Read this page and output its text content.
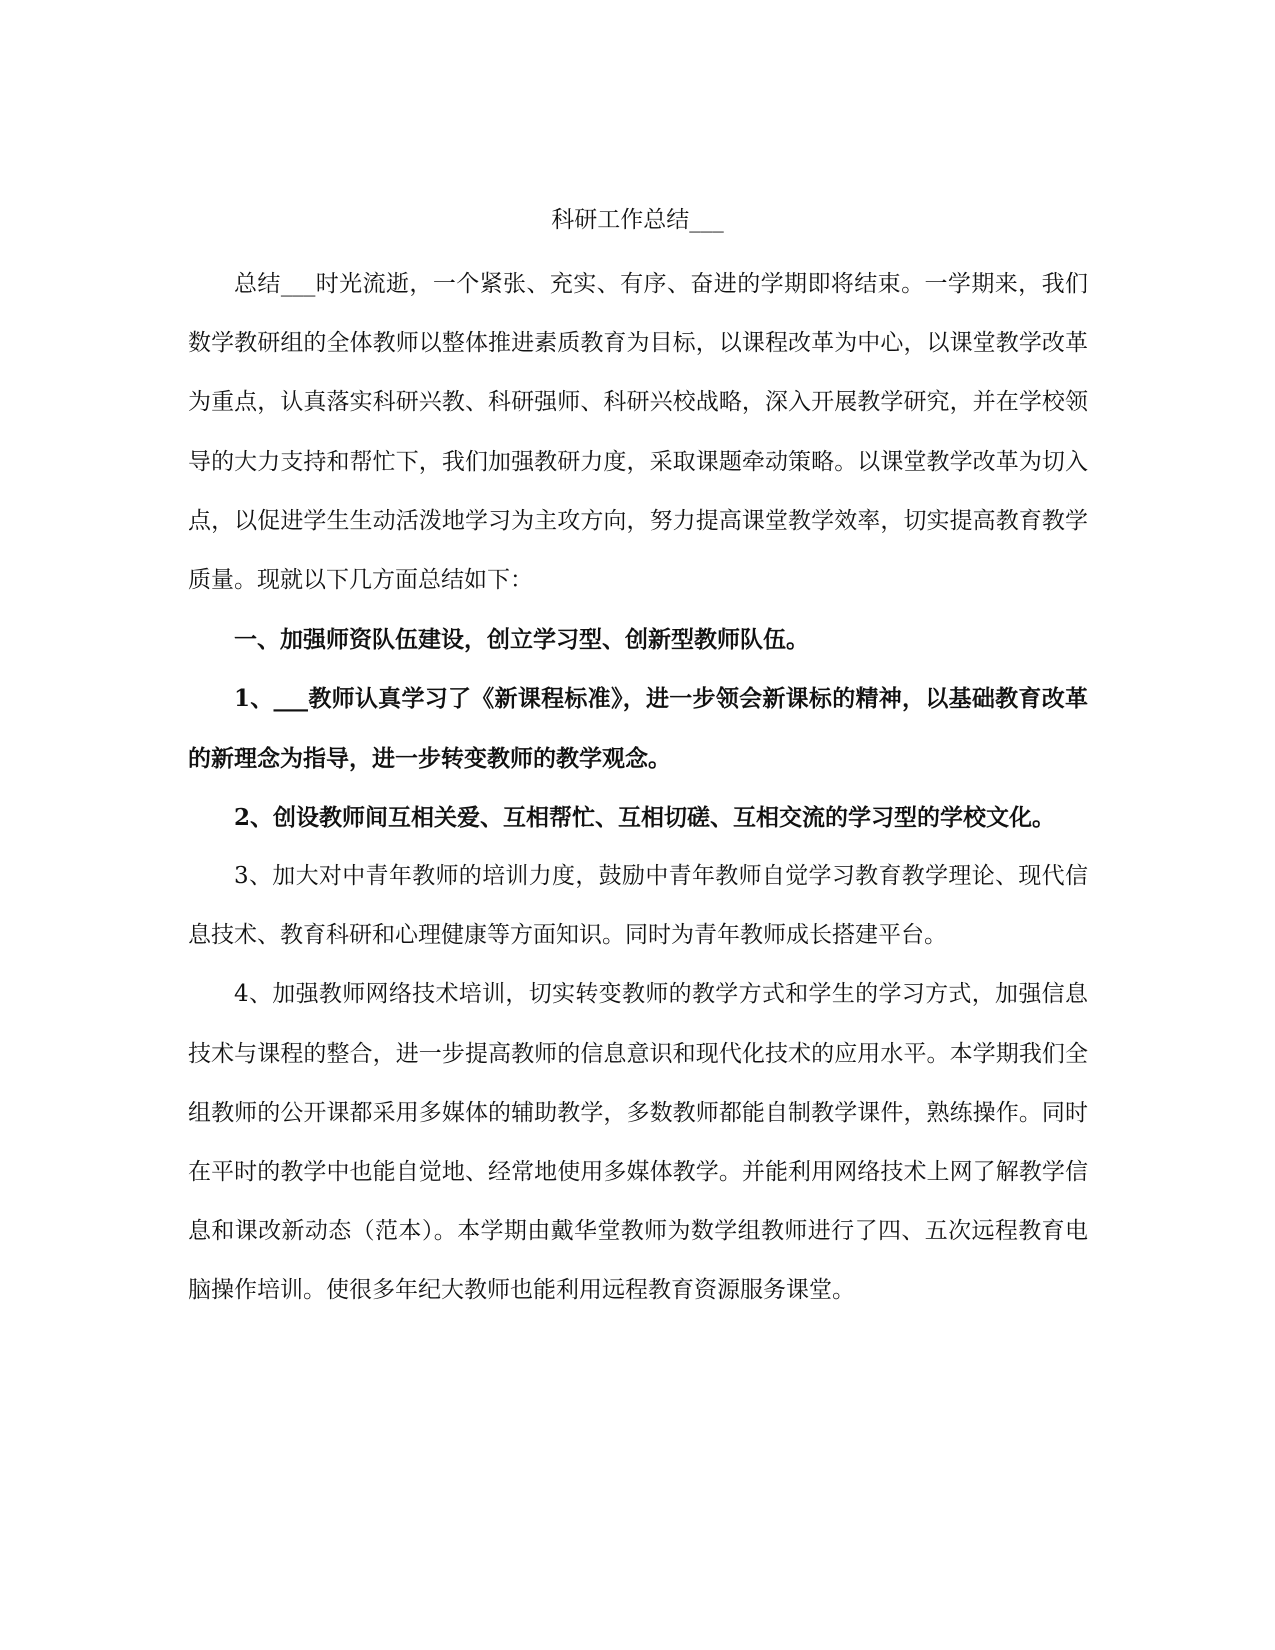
科研工作总结___

总结___时光流逝，一个紧张、充实、有序、奋进的学期即将结束。一学期来，我们数学教研组的全体教师以整体推进素质教育为目标，以课程改革为中心，以课堂教学改革为重点，认真落实科研兴教、科研强师、科研兴校战略，深入开展教学研究，并在学校领导的大力支持和帮忙下，我们加强教研力度，采取课题牵动策略。以课堂教学改革为切入点，以促进学生生动活泼地学习为主攻方向，努力提高课堂教学效率，切实提高教育教学质量。现就以下几方面总结如下：

一、加强师资队伍建设，创立学习型、创新型教师队伍。

1、___教师认真学习了《新课程标准》，进一步领会新课标的精神，以基础教育改革的新理念为指导，进一步转变教师的教学观念。

2、创设教师间互相关爱、互相帮忙、互相切磋、互相交流的学习型的学校文化。

3、加大对中青年教师的培训力度，鼓励中青年教师自觉学习教育教学理论、现代信息技术、教育科研和心理健康等方面知识。同时为青年教师成长搭建平台。

4、加强教师网络技术培训，切实转变教师的教学方式和学生的学习方式，加强信息技术与课程的整合，进一步提高教师的信息意识和现代化技术的应用水平。本学期我们全组教师的公开课都采用多媒体的辅助教学，多数教师都能自制教学课件，熟练操作。同时在平时的教学中也能自觉地、经常地使用多媒体教学。并能利用网络技术上网了解教学信息和课改新动态（范本）。本学期由戴华堂教师为数学组教师进行了四、五次远程教育电脑操作培训。使很多年纪大教师也能利用远程教育资源服务课堂。
